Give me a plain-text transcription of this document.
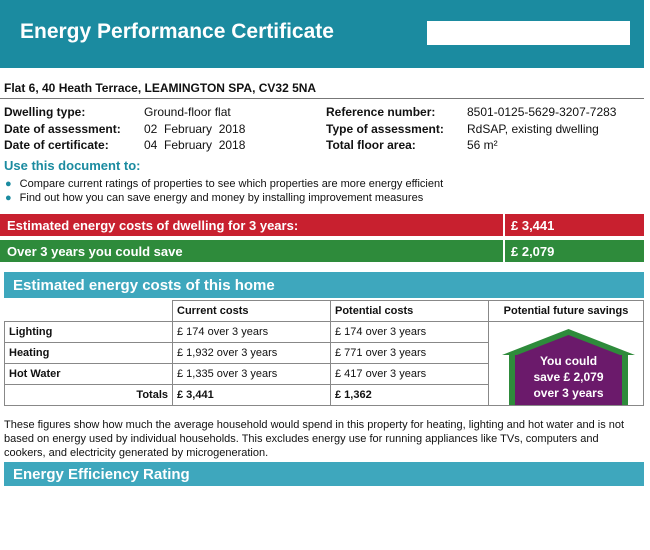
Energy Performance Certificate
Flat 6, 40 Heath Terrace, LEAMINGTON SPA, CV32 5NA
Dwelling type:	Ground-floor flat	Reference number:	8501-0125-5629-3207-7283
Date of assessment: 02  February  2018	Type of assessment: RdSAP, existing dwelling
Date of certificate:	04  February  2018	Total floor area:	56 m²
Use this document to:
● Compare current ratings of properties to see which properties are more energy efficient
● Find out how you can save energy and money by installing improvement measures
Estimated energy costs of dwelling for 3 years:	£ 3,441
Over 3 years you could save	£ 2,079
Estimated energy costs of this home
	Current costs	Potential costs	Potential future savings
Lighting	£ 174 over 3 years	£ 174 over 3 years	
Heating	£ 1,932 over 3 years	£ 771 over 3 years	
Hot Water	£ 1,335 over 3 years	£ 417 over 3 years	
Totals	£ 3,441	£ 1,362	
You could
save £ 2,079
over 3 years
These figures show how much the average household would spend in this property for heating, lighting and hot water and is not based on energy used by individual households. This excludes energy use for running appliances like TVs, computers and cookers, and electricity generated by microgeneration.
Energy Efficiency Rating
